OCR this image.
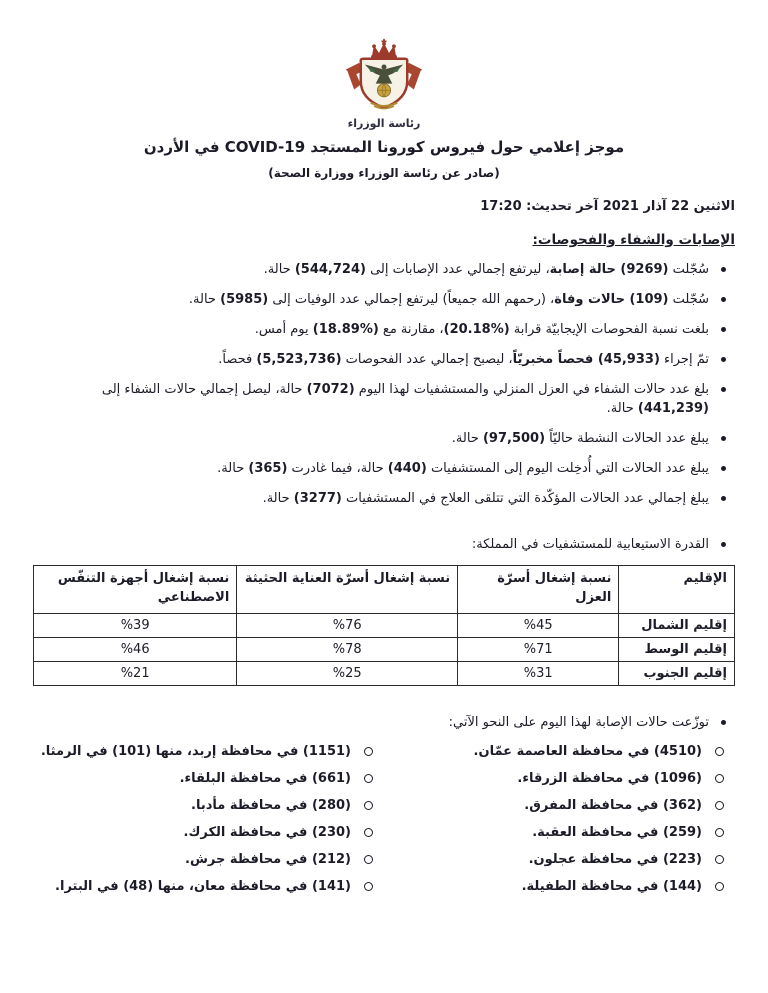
رئاسة الوزراء
موجز إعلامي حول فيروس كورونا المستجد COVID-19 في الأردن
(صادر عن رئاسة الوزراء ووزارة الصحة)
الاثنين 22 آذار 2021 آخر تحديث: 17:20
الإصابات والشفاء والفحوصات:
سُجّلت (9269) حالة إصابة، ليرتفع إجمالي عدد الإصابات إلى (544,724) حالة.
سُجّلت (109) حالات وفاة، (رحمهم الله جميعاً) ليرتفع إجمالي عدد الوفيات إلى (5985) حالة.
بلغت نسبة الفحوصات الإيجابيّة قرابة (%20.18)، مقارنة مع (%18.89) يوم أمس.
تمّ إجراء (45,933) فحصاً مخبريّاً، ليصبح إجمالي عدد الفحوصات (5,523,736) فحصاً.
بلغ عدد حالات الشفاء في العزل المنزلي والمستشفيات لهذا اليوم (7072) حالة، ليصل إجمالي حالات الشفاء إلى (441,239) حالة.
يبلغ عدد الحالات النشطة حاليّاً (97,500) حالة.
يبلغ عدد الحالات التي أُدخِلت اليوم إلى المستشفيات (440) حالة، فيما غادرت (365) حالة.
يبلغ إجمالي عدد الحالات المؤكّدة التي تتلقى العلاج في المستشفيات (3277) حالة.
القدرة الاستيعابية للمستشفيات في المملكة:
الإقليم	نسبة إشغال أسرّة العزل	نسبة إشغال أسرّة العناية الحثيثة	نسبة إشغال أجهزة التنفّس الاصطناعي
إقليم الشمال	%45	%76	%39
إقليم الوسط	%71	%78	%46
إقليم الجنوب	%31	%25	%21
توزّعت حالات الإصابة لهذا اليوم على النحو الآتي:
(4510) في محافظة العاصمة عمّان.
(1096) في محافظة الزرقاء.
(362) في محافظة المفرق.
(259) في محافظة العقبة.
(223) في محافظة عجلون.
(144) في محافظة الطفيلة.
(1151) في محافظة إربد، منها (101) في الرمثا.
(661) في محافظة البلقاء.
(280) في محافظة مأدبا.
(230) في محافظة الكرك.
(212) في محافظة جرش.
(141) في محافظة معان، منها (48) في البترا.
